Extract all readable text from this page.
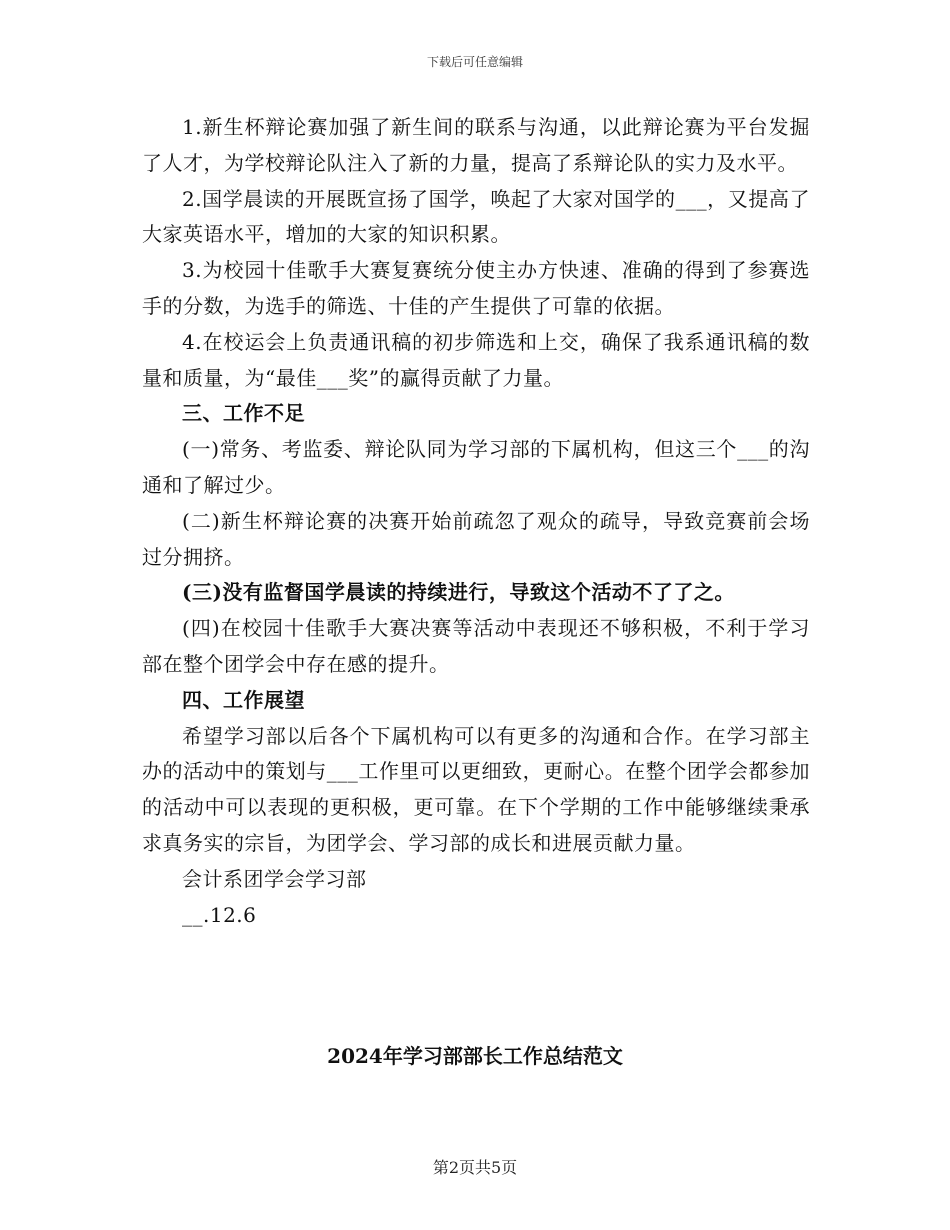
下载后可任意编辑

1.新生杯辩论赛加强了新生间的联系与沟通，以此辩论赛为平台发掘了人才，为学校辩论队注入了新的力量，提高了系辩论队的实力及水平。

2.国学晨读的开展既宣扬了国学，唤起了大家对国学的___，又提高了大家英语水平，增加的大家的知识积累。

3.为校园十佳歌手大赛复赛统分使主办方快速、准确的得到了参赛选手的分数，为选手的筛选、十佳的产生提供了可靠的依据。

4.在校运会上负责通讯稿的初步筛选和上交，确保了我系通讯稿的数量和质量，为“最佳___奖”的赢得贡献了力量。

三、工作不足

(一)常务、考监委、辩论队同为学习部的下属机构，但这三个___的沟通和了解过少。

(二)新生杯辩论赛的决赛开始前疏忽了观众的疏导，导致竞赛前会场过分拥挤。

(三)没有监督国学晨读的持续进行，导致这个活动不了了之。

(四)在校园十佳歌手大赛决赛等活动中表现还不够积极，不利于学习部在整个团学会中存在感的提升。

四、工作展望

希望学习部以后各个下属机构可以有更多的沟通和合作。在学习部主办的活动中的策划与___工作里可以更细致，更耐心。在整个团学会都参加的活动中可以表现的更积极，更可靠。在下个学期的工作中能够继续秉承求真务实的宗旨，为团学会、学习部的成长和进展贡献力量。

会计系团学会学习部

__.12.6

2024年学习部部长工作总结范文
第2页共5页
